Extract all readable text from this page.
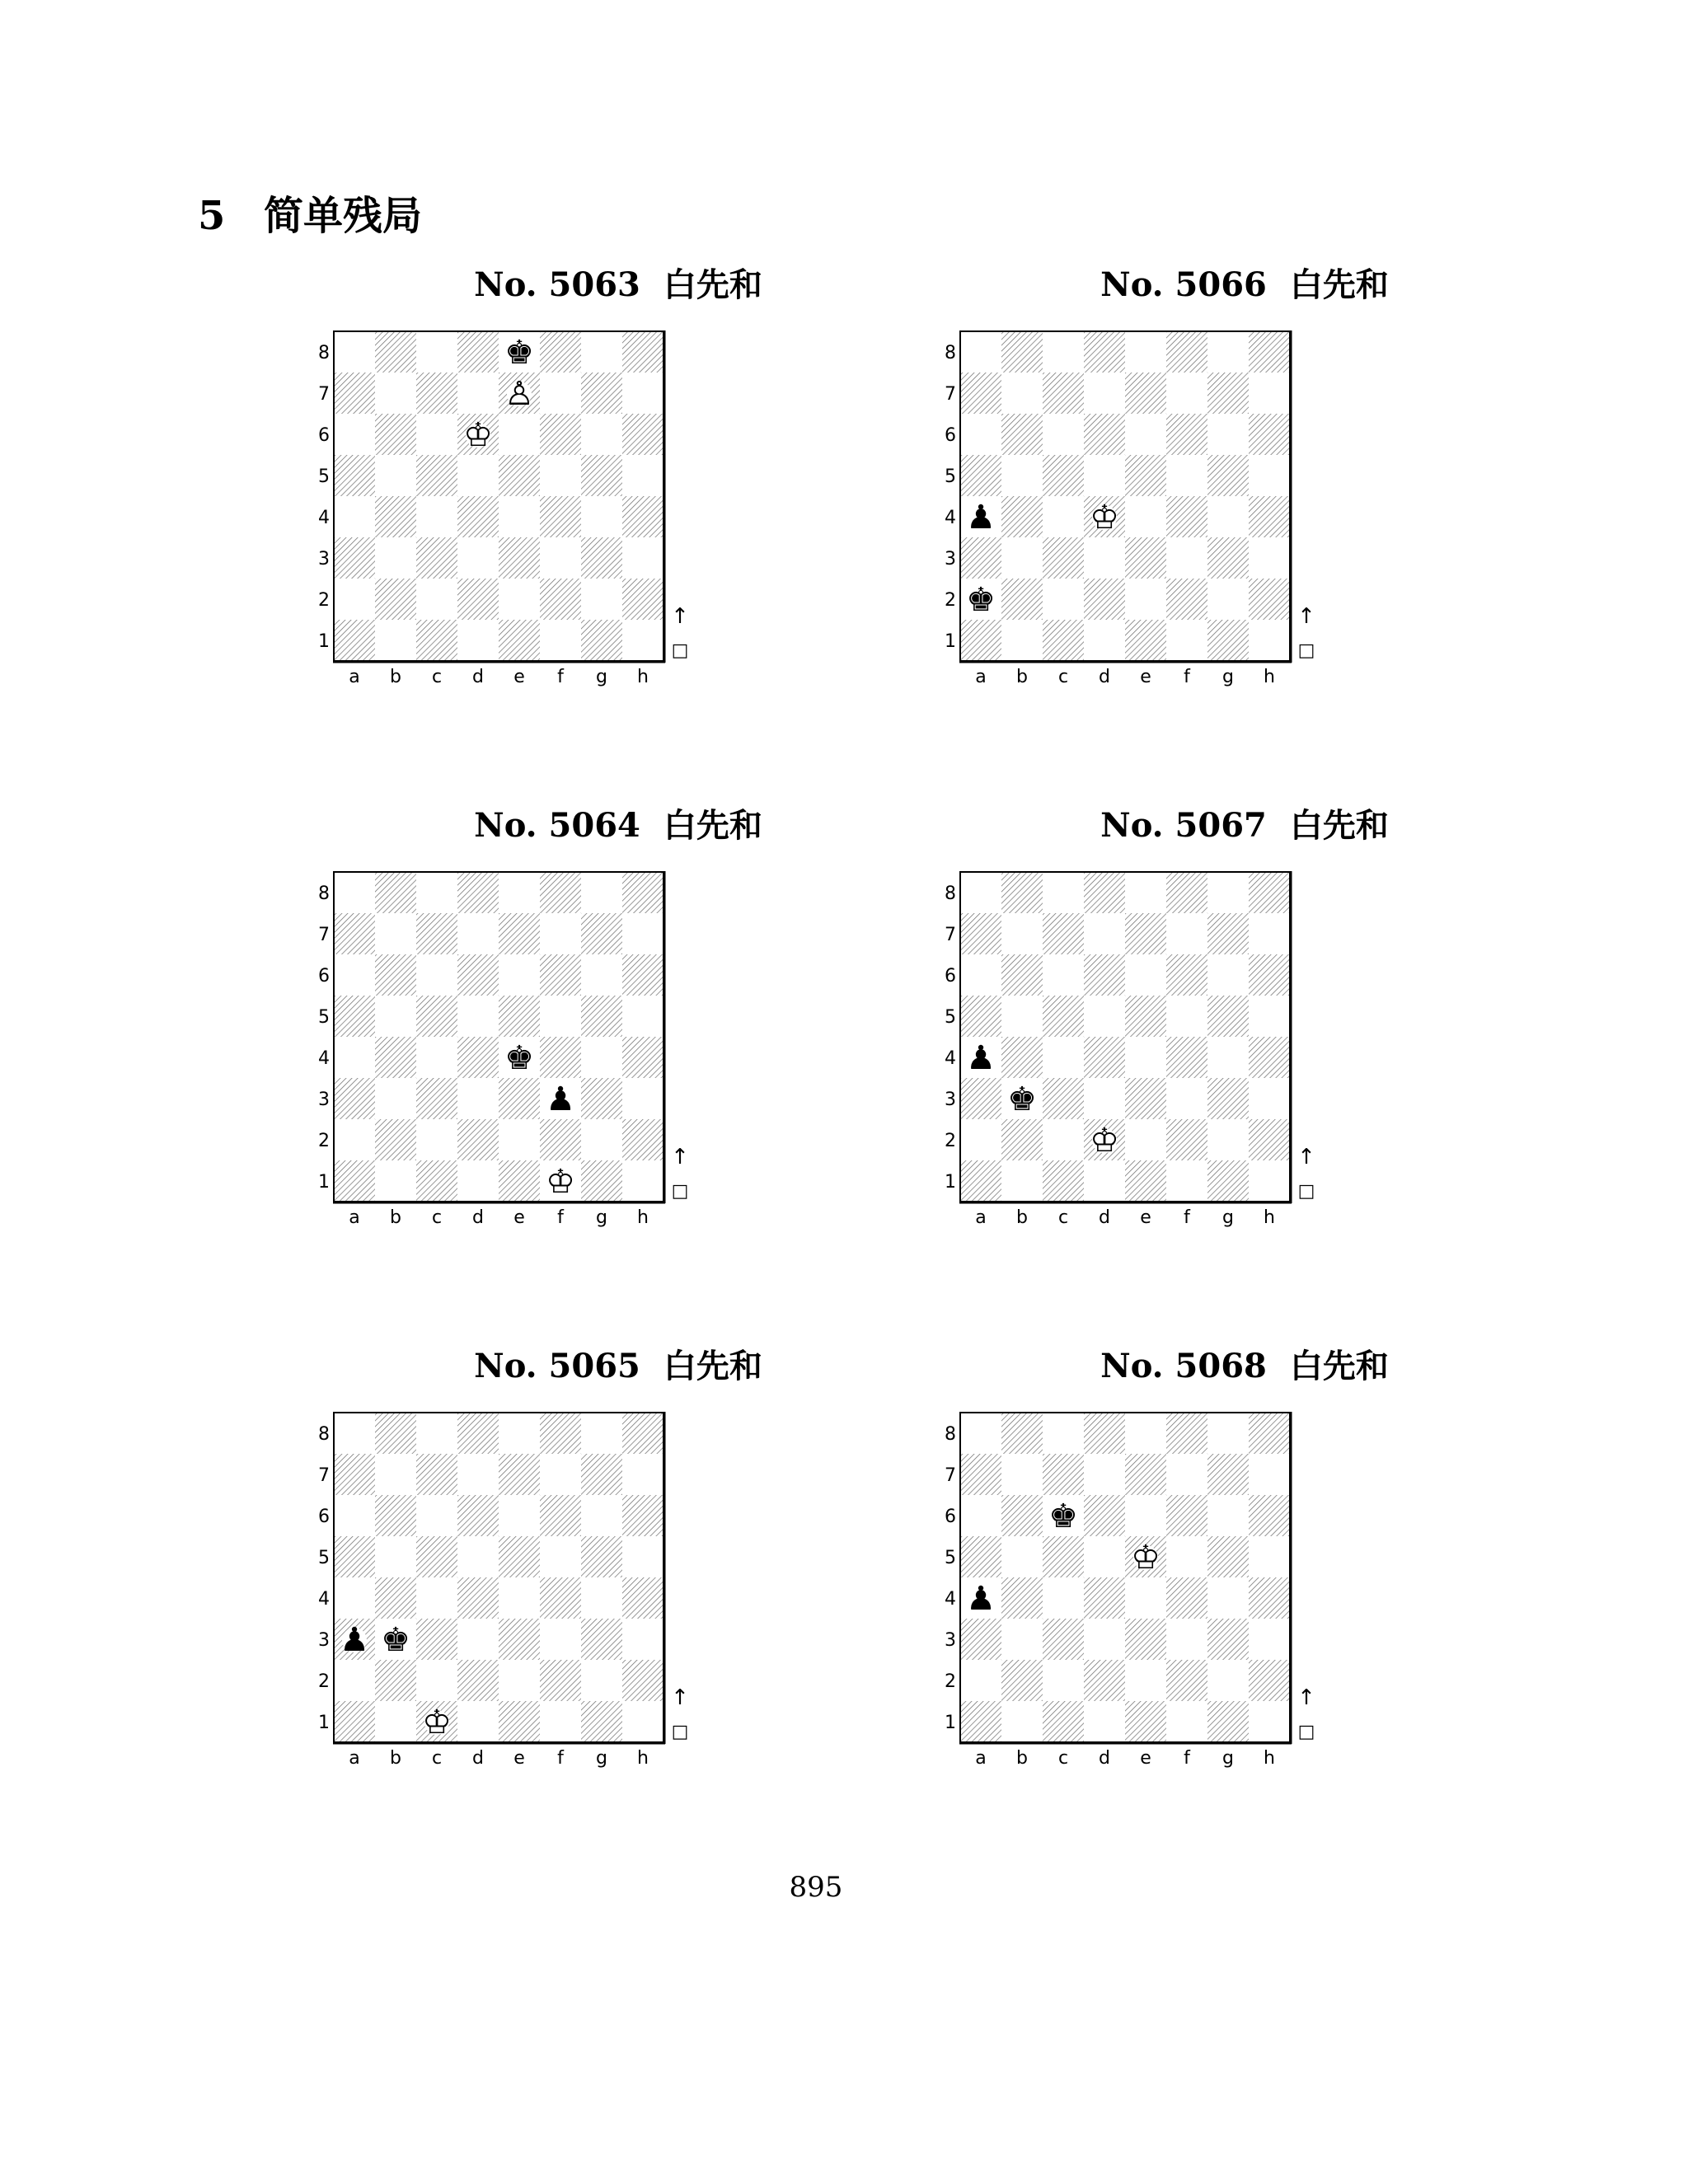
5 简单残局
No. 5063 白先和
8
7
6
5
4
3
2
1
a b c d e f g h
↑
□
♚
♙
♔
No. 5066 白先和
8
7
6
5
4
3
2
1
a b c d e f g h
↑
□
♟	♔
♚
No. 5064 白先和
8
7
6
5
4
3
2
1
a b c d e f g h
↑
□
♚
♟
♔
No. 5067 白先和
8
7
6
5
4
3
2
1
a b c d e f g h
↑
□
♟
♚
♔
No. 5065 白先和
8
7
6
5
4
3
2
1
a b c d e f g h
↑
□
♟ ♚
♔
No. 5068 白先和
8
7
6
5
4
3
2
1
a b c d e f g h
↑
□
♚
♔
♟
895
